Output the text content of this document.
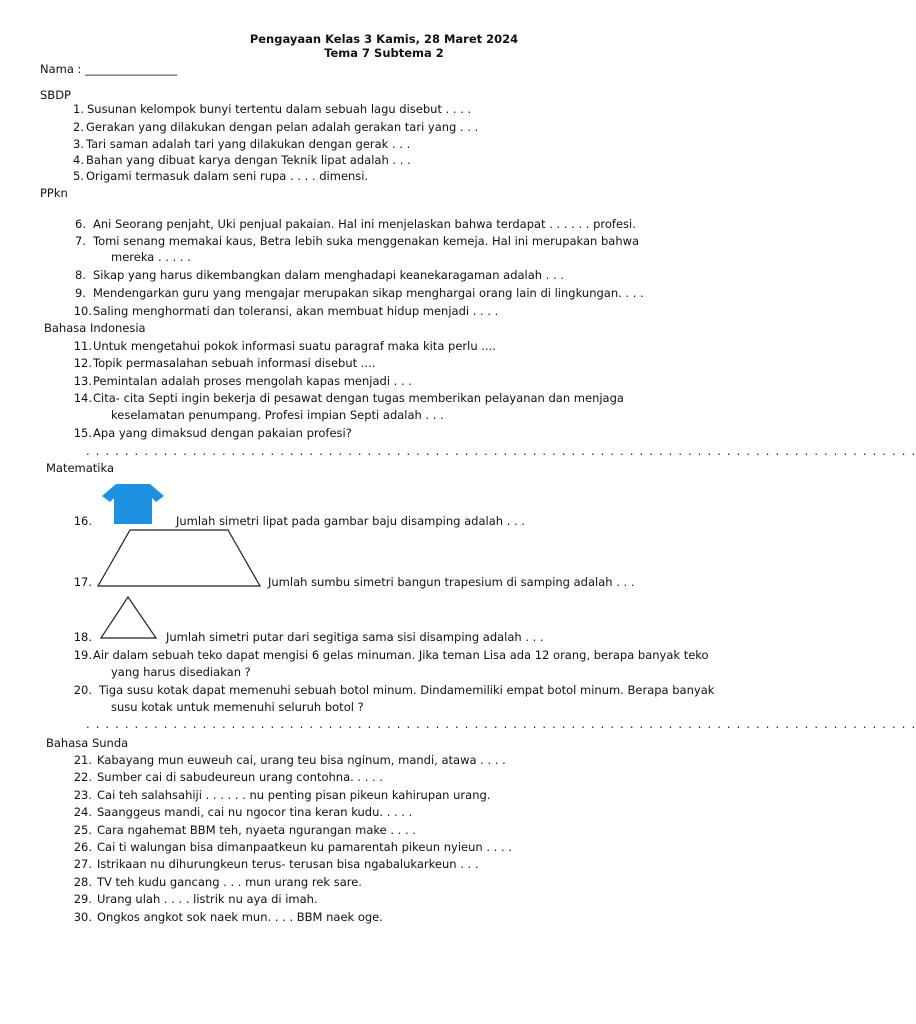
Pengayaan Kelas 3 Kamis, 28 Maret 2024
Tema 7 Subtema 2
Nama : ________________
SBDP
1. Susunan kelompok bunyi tertentu dalam sebuah lagu disebut . . . .
2. Gerakan yang dilakukan dengan pelan adalah gerakan tari yang . . .
3. Tari saman adalah tari yang dilakukan dengan gerak . . .
4. Bahan yang dibuat karya dengan Teknik lipat adalah . . .
5. Origami termasuk dalam seni rupa . . . . dimensi.
PPkn
6. Ani Seorang penjaht, Uki penjual pakaian. Hal ini menjelaskan bahwa terdapat . . . . . . profesi.
7. Tomi senang memakai kaus, Betra lebih suka menggenakan kemeja. Hal ini merupakan bahwa
mereka . . . . .
8. Sikap yang harus dikembangkan dalam menghadapi keanekaragaman adalah . . .
9. Mendengarkan guru yang mengajar merupakan sikap menghargai orang lain di lingkungan. . . .
10. Saling menghormati dan toleransi, akan membuat hidup menjadi . . . .
Bahasa Indonesia
11. Untuk mengetahui pokok informasi suatu paragraf maka kita perlu ....
12. Topik permasalahan sebuah informasi disebut ....
13. Pemintalan adalah proses mengolah kapas menjadi . . .
14. Cita- cita Septi ingin bekerja di pesawat dengan tugas memberikan pelayanan dan menjaga
keselamatan penumpang. Profesi impian Septi adalah . . .
15. Apa yang dimaksud dengan pakaian profesi?
. . . . . . . . . . . . . . . . . . . . . . . . . . . . . . . . . . . . . . . . . . . . . . . . . . . . . . . . . . . . . . . . . . . . . . . . . . . . . . . . . . . . . .
Matematika
16.	Jumlah simetri lipat pada gambar baju disamping adalah . . .
17.	Jumlah sumbu simetri bangun trapesium di samping adalah . . .
18.	Jumlah simetri putar dari segitiga sama sisi disamping adalah . . .
19. Air dalam sebuah teko dapat mengisi 6 gelas minuman. Jika teman Lisa ada 12 orang, berapa banyak teko
yang harus disediakan ?
20. Tiga susu kotak dapat memenuhi sebuah botol minum. Dindamemiliki empat botol minum. Berapa banyak
susu kotak untuk memenuhi seluruh botol ?
. . . . . . . . . . . . . . . . . . . . . . . . . . . . . . . . . . . . . . . . . . . . . . . . . . . . . . . . . . . . . . . . . . . . . . . . . . . . . . . . . . . . . .
Bahasa Sunda
21. Kabayang mun euweuh cai, urang teu bisa nginum, mandi, atawa . . . .
22. Sumber cai di sabudeureun urang contohna. . . . .
23. Cai teh salahsahiji . . . . . . nu penting pisan pikeun kahirupan urang.
24. Saanggeus mandi, cai nu ngocor tina keran kudu. . . . .
25. Cara ngahemat BBM teh, nyaeta ngurangan make . . . .
26. Cai ti walungan bisa dimanpaatkeun ku pamarentah pikeun nyieun . . . .
27. Istrikaan nu dihurungkeun terus- terusan bisa ngabalukarkeun . . .
28. TV teh kudu gancang . . . mun urang rek sare.
29. Urang ulah . . . . listrik nu aya di imah.
30. Ongkos angkot sok naek mun. . . . BBM naek oge.
